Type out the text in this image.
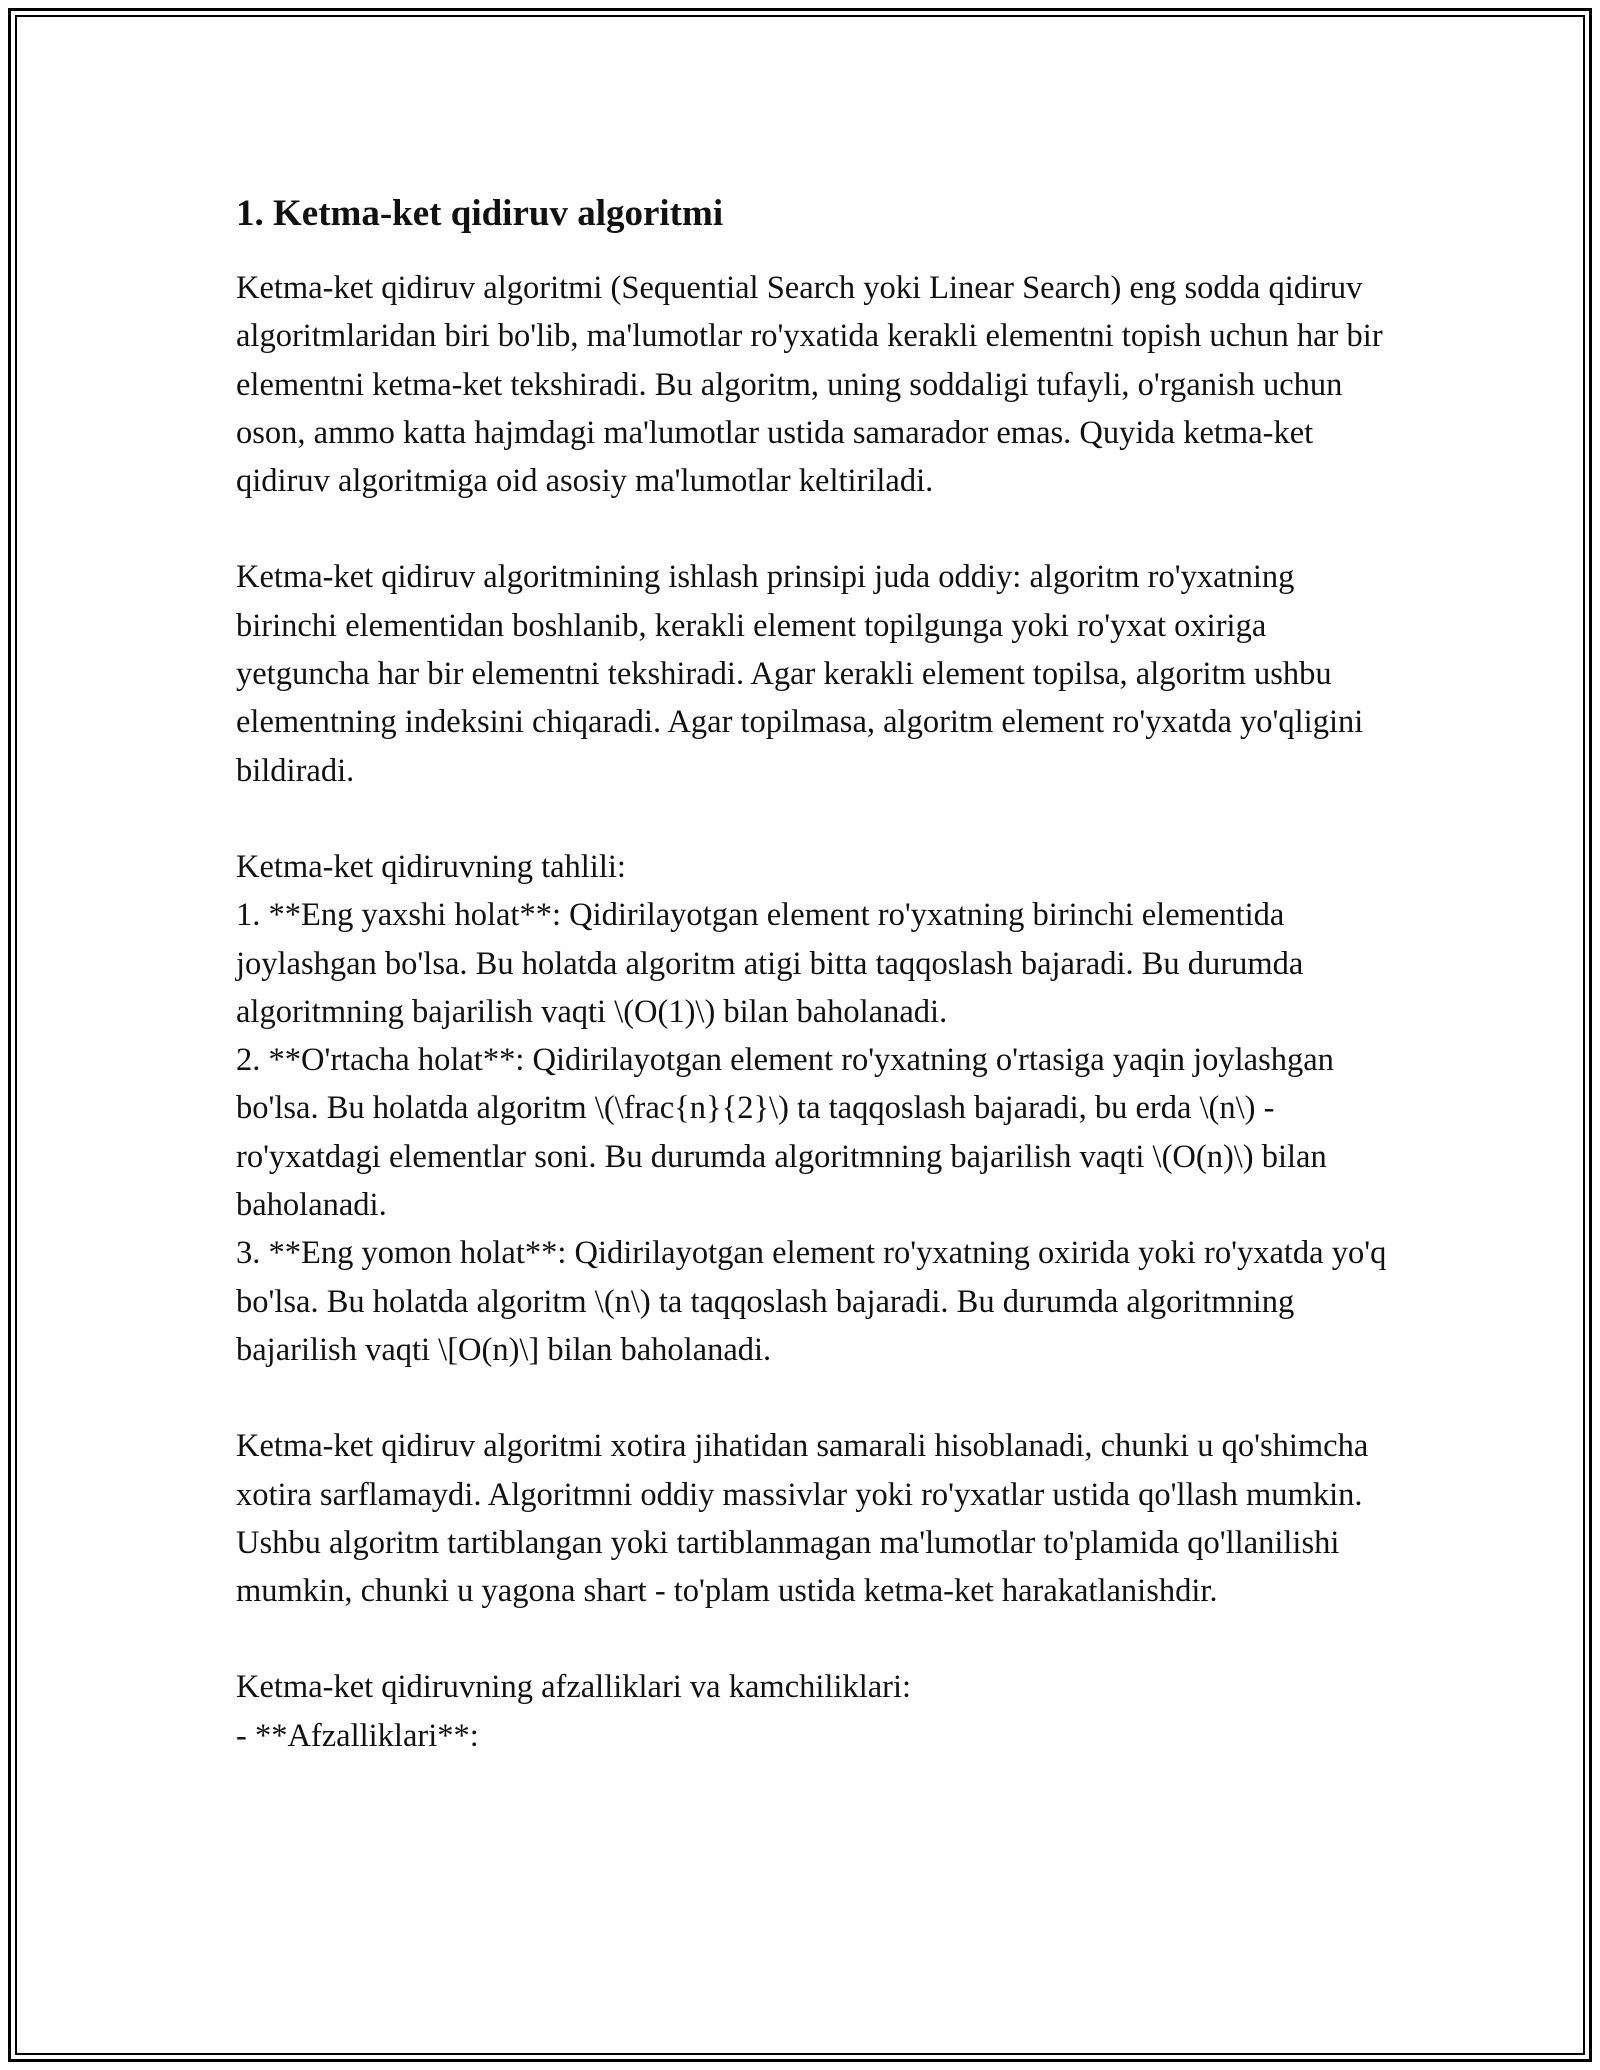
1. Ketma-ket qidiruv algoritmi

Ketma-ket qidiruv algoritmi (Sequential Search yoki Linear Search) eng sodda qidiruv algoritmlaridan biri bo'lib, ma'lumotlar ro'yxatida kerakli elementni topish uchun har bir elementni ketma-ket tekshiradi. Bu algoritm, uning soddaligi tufayli, o'rganish uchun oson, ammo katta hajmdagi ma'lumotlar ustida samarador emas. Quyida ketma-ket qidiruv algoritmiga oid asosiy ma'lumotlar keltiriladi.

Ketma-ket qidiruv algoritmining ishlash prinsipi juda oddiy: algoritm ro'yxatning birinchi elementidan boshlanib, kerakli element topilgunga yoki ro'yxat oxiriga yetguncha har bir elementni tekshiradi. Agar kerakli element topilsa, algoritm ushbu elementning indeksini chiqaradi. Agar topilmasa, algoritm element ro'yxatda yo'qligini bildiradi.

Ketma-ket qidiruvning tahlili:

1. **Eng yaxshi holat**: Qidirilayotgan element ro'yxatning birinchi elementida joylashgan bo'lsa. Bu holatda algoritm atigi bitta taqqoslash bajaradi. Bu durumda algoritmning bajarilish vaqti \(O(1)\) bilan baholanadi.

2. **O'rtacha holat**: Qidirilayotgan element ro'yxatning o'rtasiga yaqin joylashgan bo'lsa. Bu holatda algoritm \(\frac{n}{2}\) ta taqqoslash bajaradi, bu erda \(n\) - ro'yxatdagi elementlar soni. Bu durumda algoritmning bajarilish vaqti \(O(n)\) bilan baholanadi.

3. **Eng yomon holat**: Qidirilayotgan element ro'yxatning oxirida yoki ro'yxatda yo'q bo'lsa. Bu holatda algoritm \(n\) ta taqqoslash bajaradi. Bu durumda algoritmning bajarilish vaqti \[O(n)\] bilan baholanadi.

Ketma-ket qidiruv algoritmi xotira jihatidan samarali hisoblanadi, chunki u qo'shimcha xotira sarflamaydi. Algoritmni oddiy massivlar yoki ro'yxatlar ustida qo'llash mumkin. Ushbu algoritm tartiblangan yoki tartiblanmagan ma'lumotlar to'plamida qo'llanilishi mumkin, chunki u yagona shart - to'plam ustida ketma-ket harakatlanishdir.

Ketma-ket qidiruvning afzalliklari va kamchiliklari:

- **Afzalliklari**:
